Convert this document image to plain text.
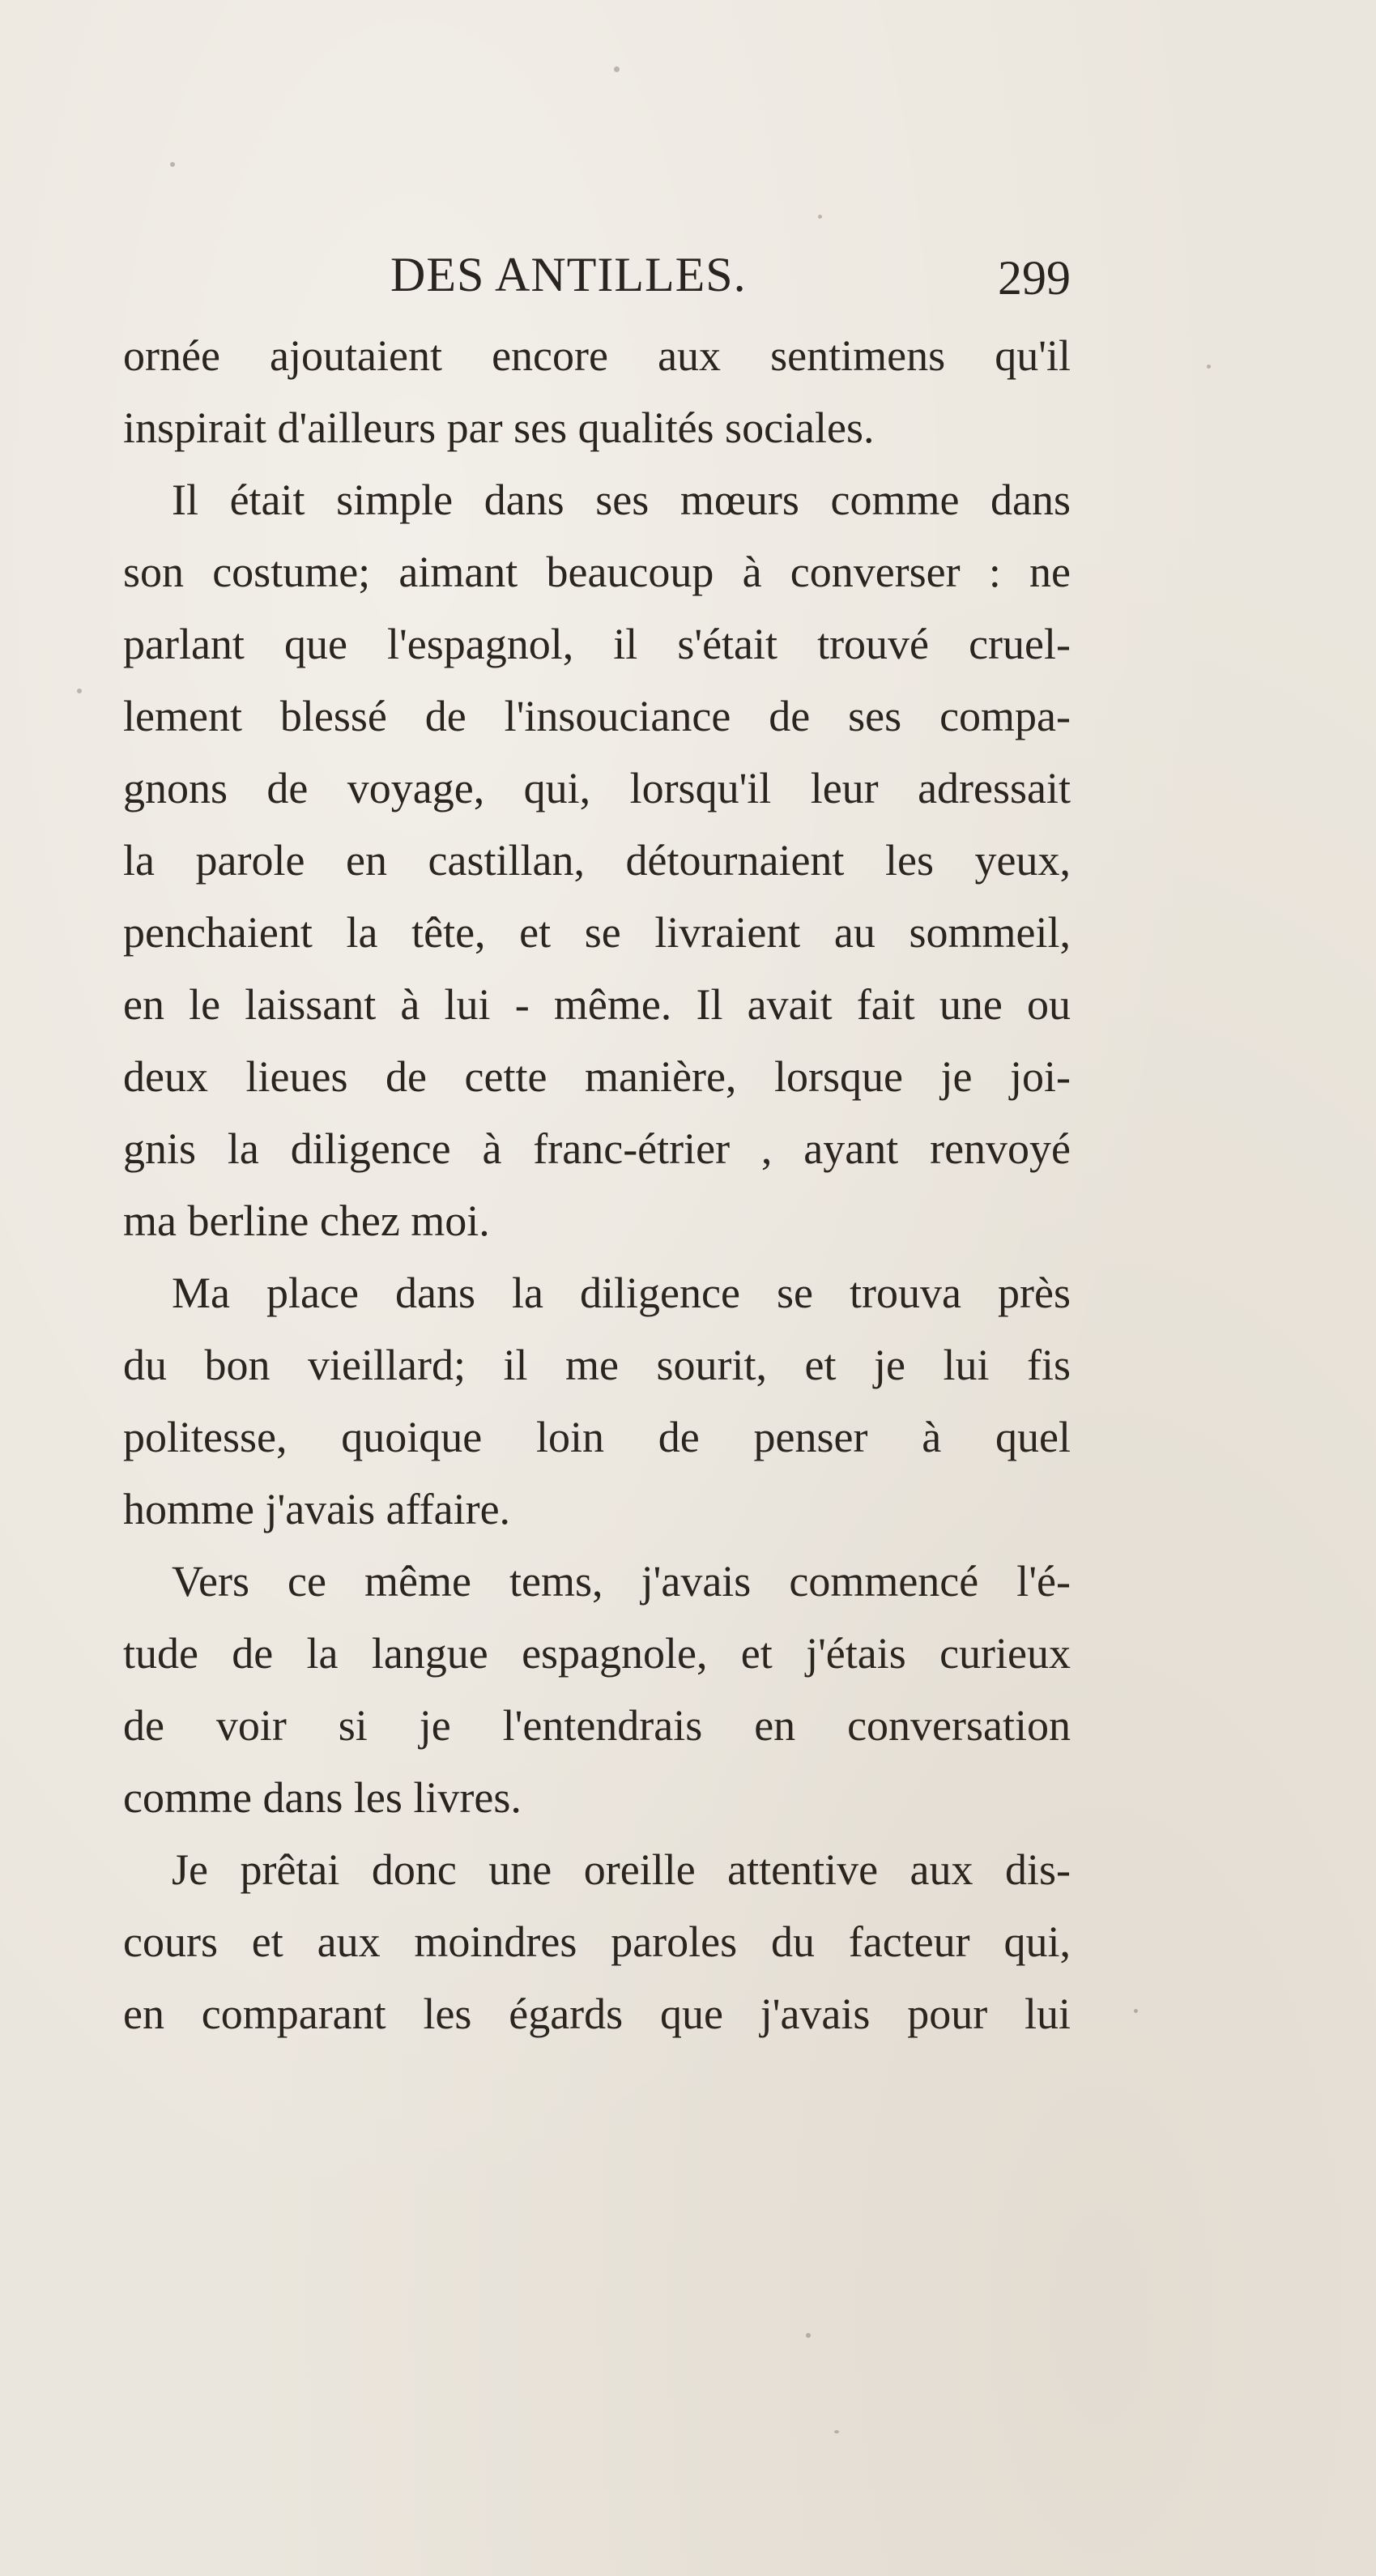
DES ANTILLES.	299
ornée ajoutaient encore aux sentimens qu'il
inspirait d'ailleurs par ses qualités sociales.
Il était simple dans ses mœurs comme dans
son costume; aimant beaucoup à converser : ne
parlant que l'espagnol, il s'était trouvé cruel-
lement blessé de l'insouciance de ses compa-
gnons de voyage, qui, lorsqu'il leur adressait
la parole en castillan, détournaient les yeux,
penchaient la tête, et se livraient au sommeil,
en le laissant à lui - même. Il avait fait une ou
deux lieues de cette manière, lorsque je joi-
gnis la diligence à franc-étrier , ayant renvoyé
ma berline chez moi.
Ma place dans la diligence se trouva près
du bon vieillard; il me sourit, et je lui fis
politesse, quoique loin de penser à quel
homme j'avais affaire.
Vers ce même tems, j'avais commencé l'é-
tude de la langue espagnole, et j'étais curieux
de voir si je l'entendrais en conversation
comme dans les livres.
Je prêtai donc une oreille attentive aux dis-
cours et aux moindres paroles du facteur qui,
en comparant les égards que j'avais pour lui
